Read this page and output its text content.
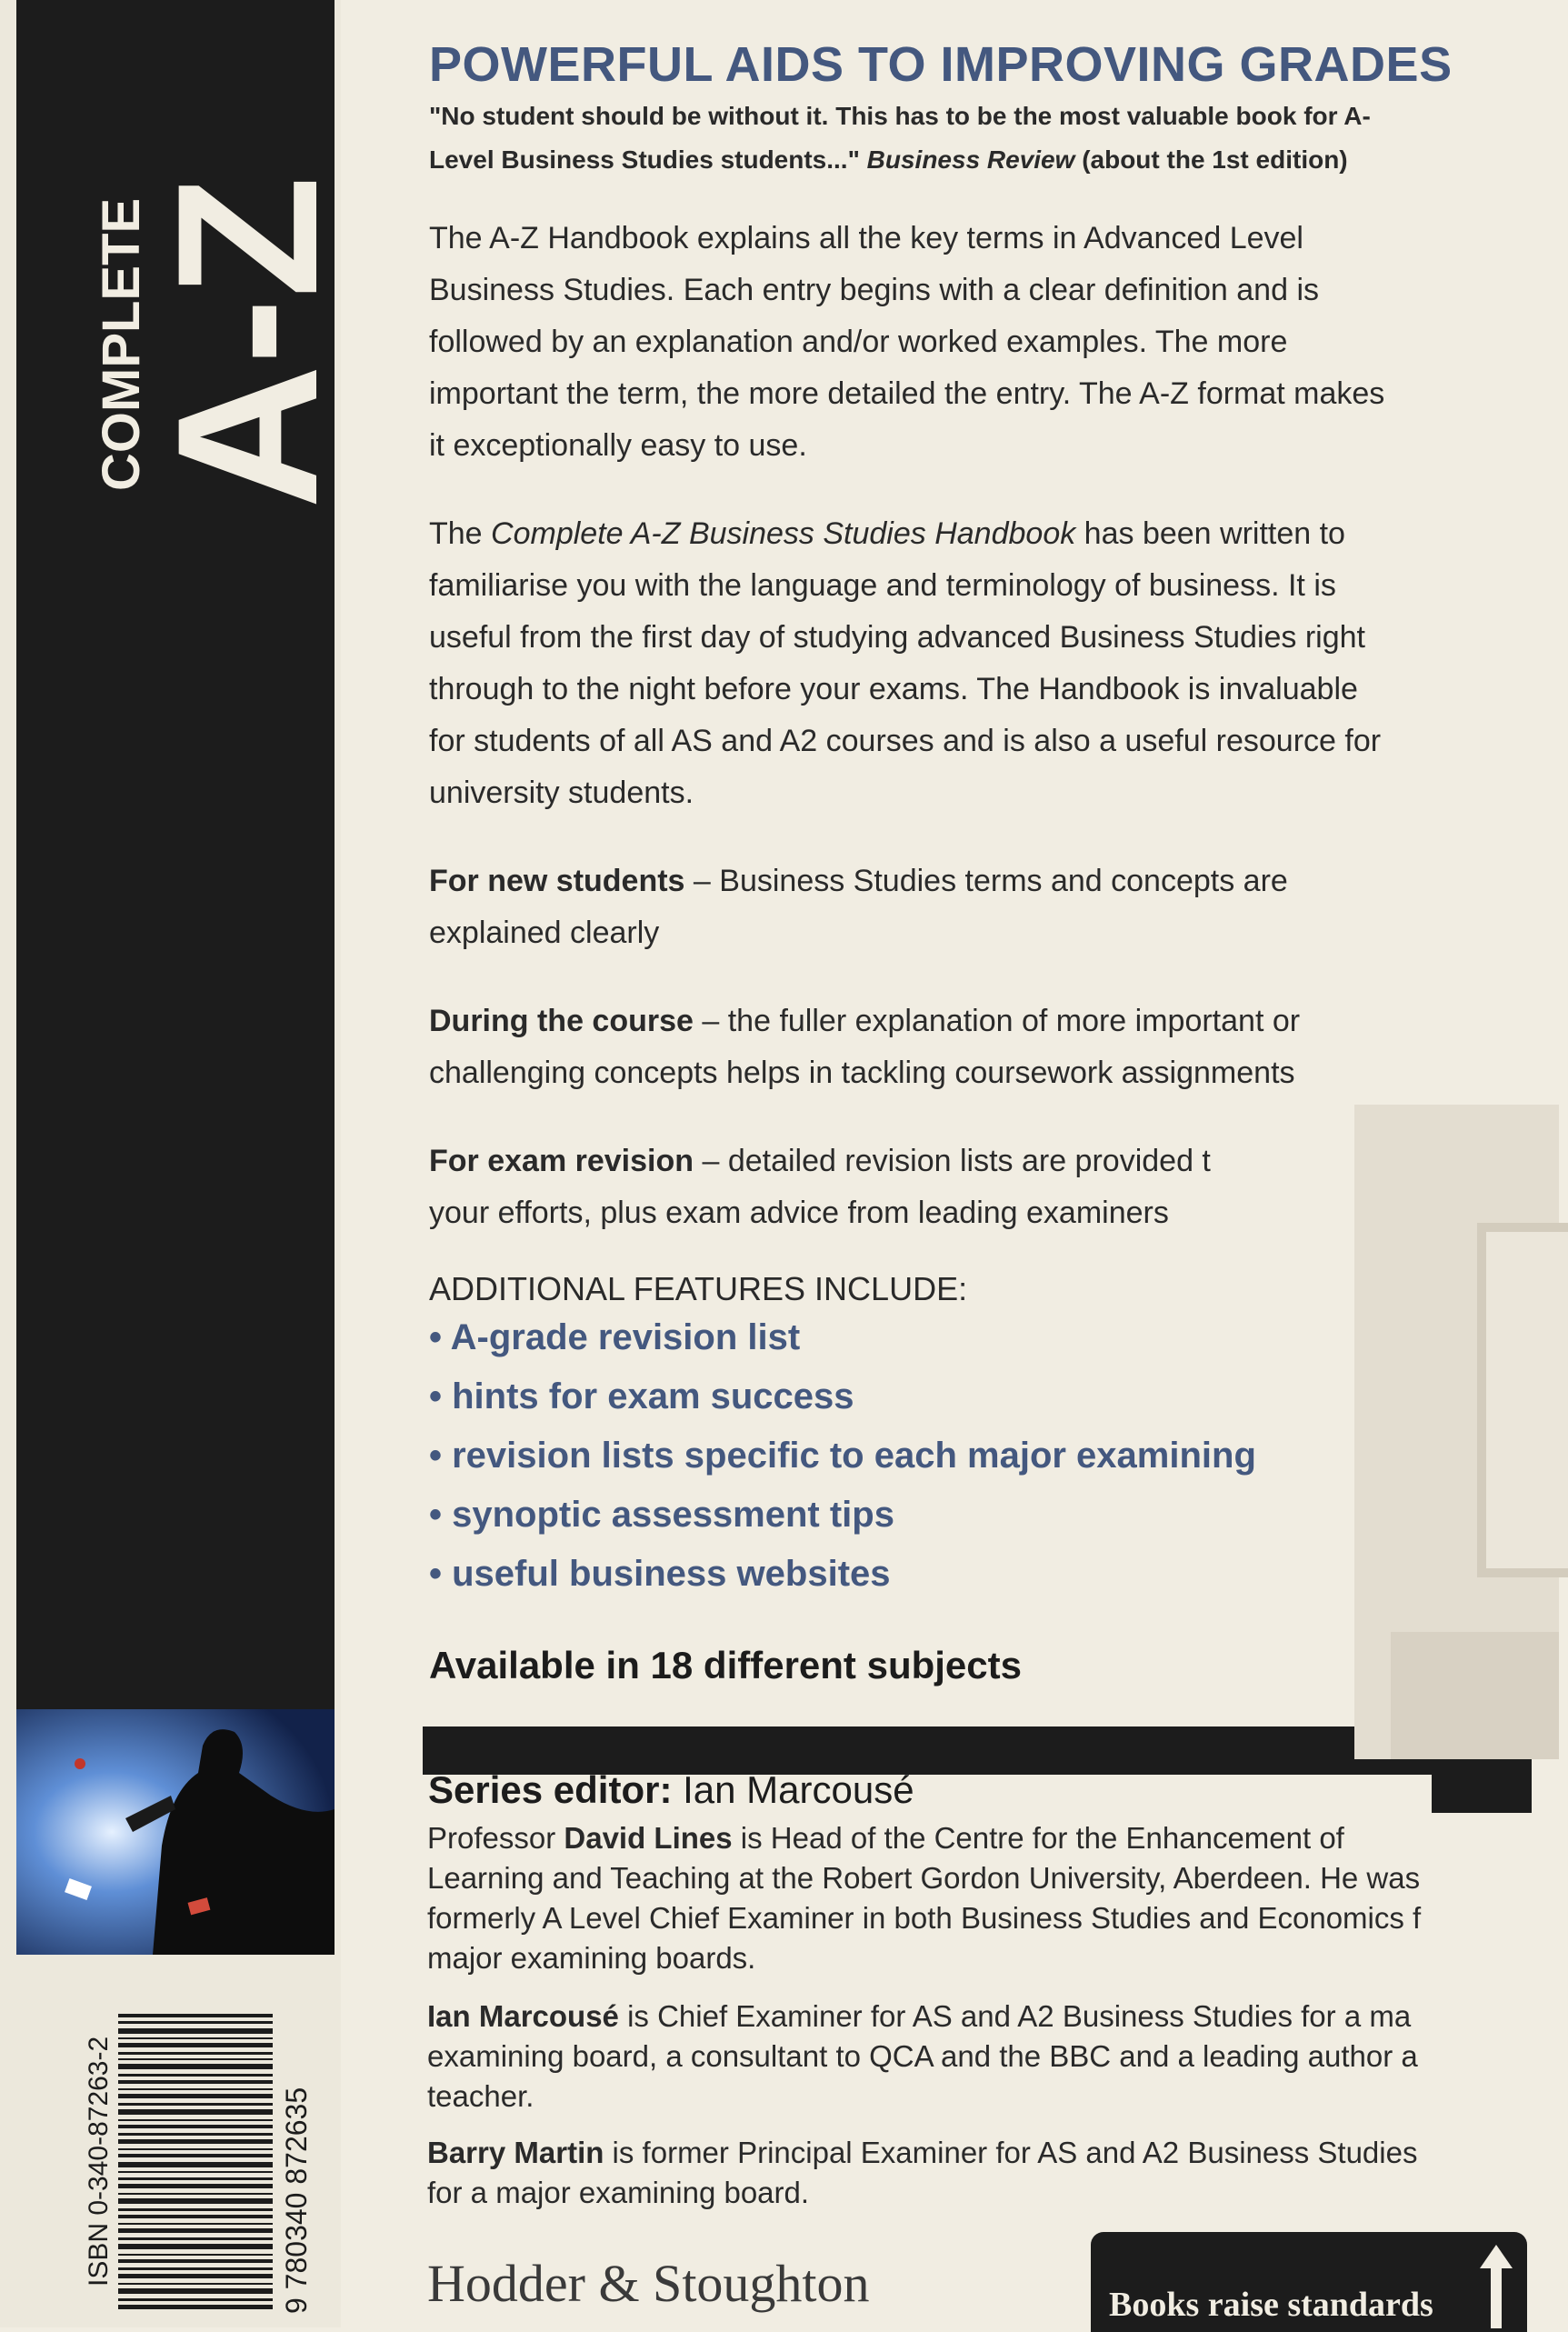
COMPLETE
A-Z
ISBN 0-340-87263-2	9 780340 872635
POWERFUL AIDS TO IMPROVING GRADES
"No student should be without it. This has to be the most valuable book for A-
Level Business Studies students..." Business Review (about the 1st edition)
The A-Z Handbook explains all the key terms in Advanced Level
Business Studies. Each entry begins with a clear definition and is
followed by an explanation and/or worked examples. The more
important the term, the more detailed the entry. The A-Z format makes
it exceptionally easy to use.
The Complete A-Z Business Studies Handbook has been written to
familiarise you with the language and terminology of business. It is
useful from the first day of studying advanced Business Studies right
through to the night before your exams. The Handbook is invaluable
for students of all AS and A2 courses and is also a useful resource for
university students.
For new students – Business Studies terms and concepts are
explained clearly
During the course – the fuller explanation of more important or
challenging concepts helps in tackling coursework assignments
For exam revision – detailed revision lists are provided t
your efforts, plus exam advice from leading examiners
ADDITIONAL FEATURES INCLUDE:
• A-grade revision list
• hints for exam success
• revision lists specific to each major examining
• synoptic assessment tips
• useful business websites
Available in 18 different subjects
Series editor: Ian Marcousé
Professor David Lines is Head of the Centre for the Enhancement of
Learning and Teaching at the Robert Gordon University, Aberdeen. He was
formerly A Level Chief Examiner in both Business Studies and Economics f
major examining boards.
Ian Marcousé is Chief Examiner for AS and A2 Business Studies for a ma
examining board, a consultant to QCA and the BBC and a leading author a
teacher.
Barry Martin is former Principal Examiner for AS and A2 Business Studies
for a major examining board.
Hodder & Stoughton	Books raise standards
